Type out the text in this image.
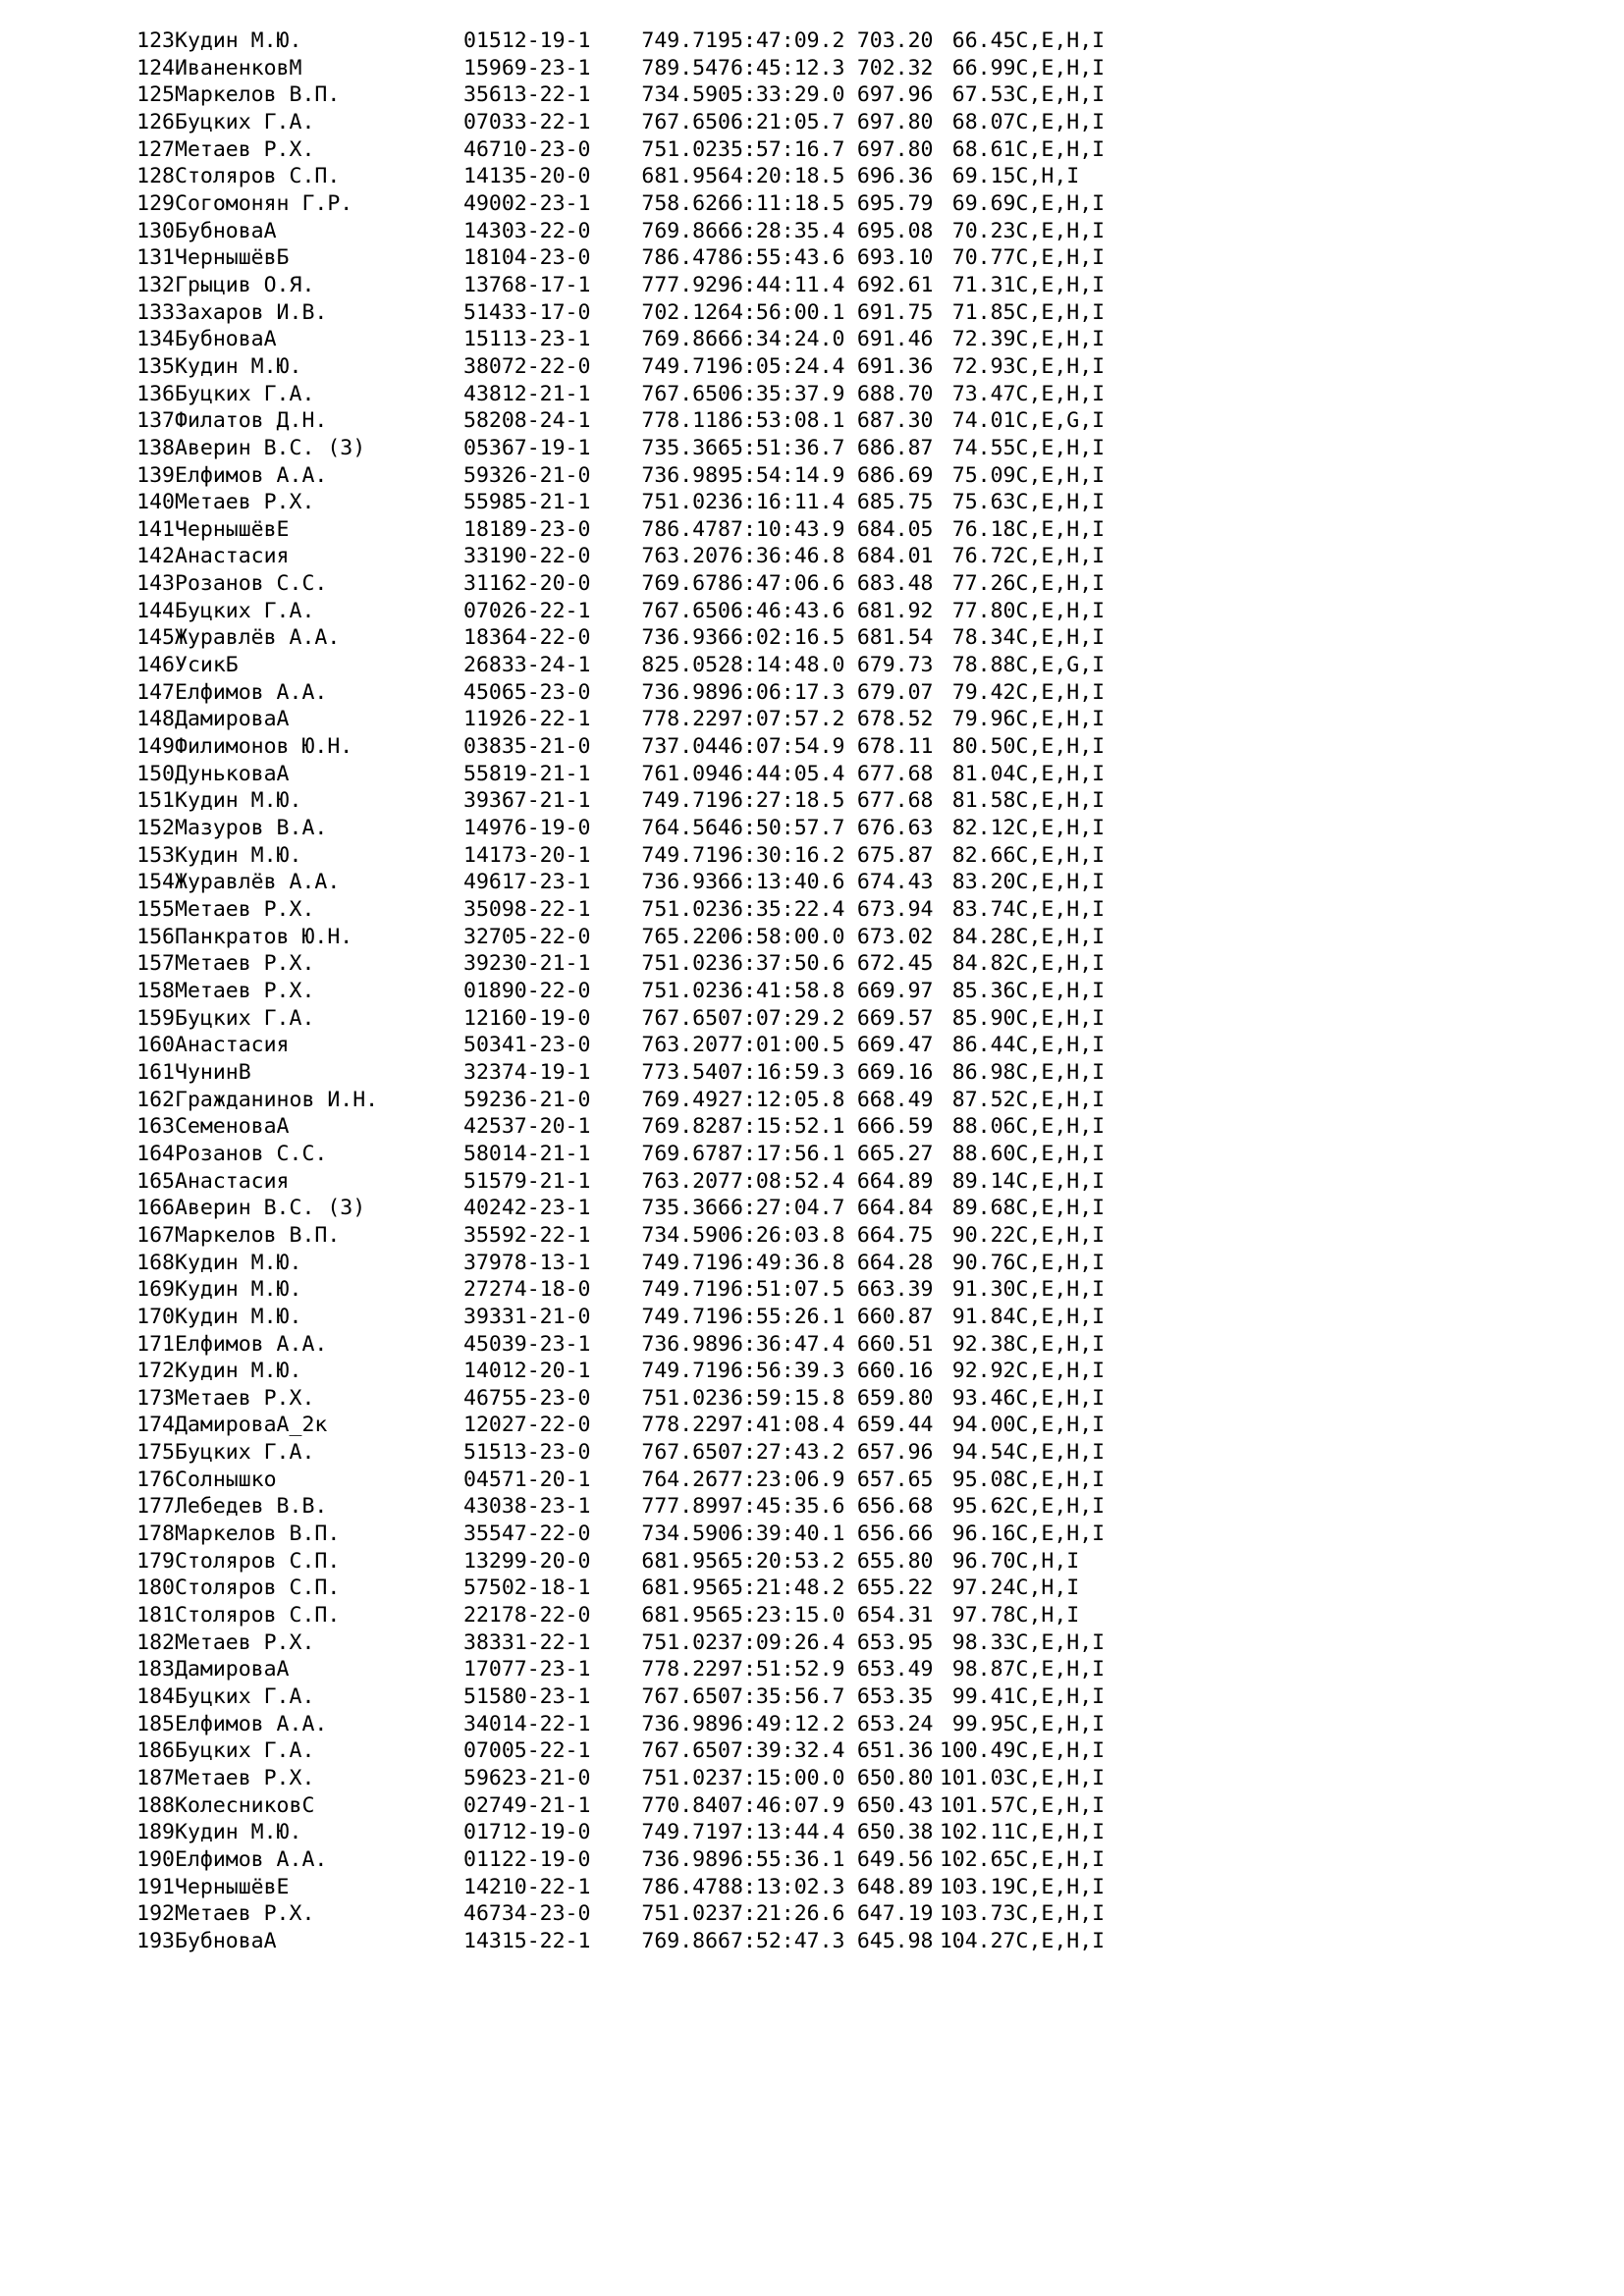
123	Кудин М.Ю.	01512-19-1	749.719	5:47:09.2	703.20	66.45	C,E,H,I
124	ИваненковМ	15969-23-1	789.547	6:45:12.3	702.32	66.99	C,E,H,I
125	Маркелов В.П.	35613-22-1	734.590	5:33:29.0	697.96	67.53	C,E,H,I
126	Буцких Г.А.	07033-22-1	767.650	6:21:05.7	697.80	68.07	C,E,H,I
127	Метаев Р.Х.	46710-23-0	751.023	5:57:16.7	697.80	68.61	C,E,H,I
128	Столяров С.П.	14135-20-0	681.956	4:20:18.5	696.36	69.15	C,H,I
129	Согомонян Г.Р.	49002-23-1	758.626	6:11:18.5	695.79	69.69	C,E,H,I
130	БубноваА	14303-22-0	769.866	6:28:35.4	695.08	70.23	C,E,H,I
131	ЧернышёвБ	18104-23-0	786.478	6:55:43.6	693.10	70.77	C,E,H,I
132	Грыцив О.Я.	13768-17-1	777.929	6:44:11.4	692.61	71.31	C,E,H,I
133	Захаров И.В.	51433-17-0	702.126	4:56:00.1	691.75	71.85	C,E,H,I
134	БубноваА	15113-23-1	769.866	6:34:24.0	691.46	72.39	C,E,H,I
135	Кудин М.Ю.	38072-22-0	749.719	6:05:24.4	691.36	72.93	C,E,H,I
136	Буцких Г.А.	43812-21-1	767.650	6:35:37.9	688.70	73.47	C,E,H,I
137	Филатов Д.Н.	58208-24-1	778.118	6:53:08.1	687.30	74.01	C,E,G,I
138	Аверин В.С. (З)	05367-19-1	735.366	5:51:36.7	686.87	74.55	C,E,H,I
139	Елфимов А.А.	59326-21-0	736.989	5:54:14.9	686.69	75.09	C,E,H,I
140	Метаев Р.Х.	55985-21-1	751.023	6:16:11.4	685.75	75.63	C,E,H,I
141	ЧернышёвЕ	18189-23-0	786.478	7:10:43.9	684.05	76.18	C,E,H,I
142	Анастасия	33190-22-0	763.207	6:36:46.8	684.01	76.72	C,E,H,I
143	Розанов С.С.	31162-20-0	769.678	6:47:06.6	683.48	77.26	C,E,H,I
144	Буцких Г.А.	07026-22-1	767.650	6:46:43.6	681.92	77.80	C,E,H,I
145	Журавлёв А.А.	18364-22-0	736.936	6:02:16.5	681.54	78.34	C,E,H,I
146	УсикБ	26833-24-1	825.052	8:14:48.0	679.73	78.88	C,E,G,I
147	Елфимов А.А.	45065-23-0	736.989	6:06:17.3	679.07	79.42	C,E,H,I
148	ДамироваА	11926-22-1	778.229	7:07:57.2	678.52	79.96	C,E,H,I
149	Филимонов Ю.Н.	03835-21-0	737.044	6:07:54.9	678.11	80.50	C,E,H,I
150	ДуньковаА	55819-21-1	761.094	6:44:05.4	677.68	81.04	C,E,H,I
151	Кудин М.Ю.	39367-21-1	749.719	6:27:18.5	677.68	81.58	C,E,H,I
152	Мазуров В.А.	14976-19-0	764.564	6:50:57.7	676.63	82.12	C,E,H,I
153	Кудин М.Ю.	14173-20-1	749.719	6:30:16.2	675.87	82.66	C,E,H,I
154	Журавлёв А.А.	49617-23-1	736.936	6:13:40.6	674.43	83.20	C,E,H,I
155	Метаев Р.Х.	35098-22-1	751.023	6:35:22.4	673.94	83.74	C,E,H,I
156	Панкратов Ю.Н.	32705-22-0	765.220	6:58:00.0	673.02	84.28	C,E,H,I
157	Метаев Р.Х.	39230-21-1	751.023	6:37:50.6	672.45	84.82	C,E,H,I
158	Метаев Р.Х.	01890-22-0	751.023	6:41:58.8	669.97	85.36	C,E,H,I
159	Буцких Г.А.	12160-19-0	767.650	7:07:29.2	669.57	85.90	C,E,H,I
160	Анастасия	50341-23-0	763.207	7:01:00.5	669.47	86.44	C,E,H,I
161	ЧунинВ	32374-19-1	773.540	7:16:59.3	669.16	86.98	C,E,H,I
162	Гражданинов И.Н.	59236-21-0	769.492	7:12:05.8	668.49	87.52	C,E,H,I
163	СеменоваА	42537-20-1	769.828	7:15:52.1	666.59	88.06	C,E,H,I
164	Розанов С.С.	58014-21-1	769.678	7:17:56.1	665.27	88.60	C,E,H,I
165	Анастасия	51579-21-1	763.207	7:08:52.4	664.89	89.14	C,E,H,I
166	Аверин В.С. (З)	40242-23-1	735.366	6:27:04.7	664.84	89.68	C,E,H,I
167	Маркелов В.П.	35592-22-1	734.590	6:26:03.8	664.75	90.22	C,E,H,I
168	Кудин М.Ю.	37978-13-1	749.719	6:49:36.8	664.28	90.76	C,E,H,I
169	Кудин М.Ю.	27274-18-0	749.719	6:51:07.5	663.39	91.30	C,E,H,I
170	Кудин М.Ю.	39331-21-0	749.719	6:55:26.1	660.87	91.84	C,E,H,I
171	Елфимов А.А.	45039-23-1	736.989	6:36:47.4	660.51	92.38	C,E,H,I
172	Кудин М.Ю.	14012-20-1	749.719	6:56:39.3	660.16	92.92	C,E,H,I
173	Метаев Р.Х.	46755-23-0	751.023	6:59:15.8	659.80	93.46	C,E,H,I
174	ДамироваА_2к	12027-22-0	778.229	7:41:08.4	659.44	94.00	C,E,H,I
175	Буцких Г.А.	51513-23-0	767.650	7:27:43.2	657.96	94.54	C,E,H,I
176	Солнышко	04571-20-1	764.267	7:23:06.9	657.65	95.08	C,E,H,I
177	Лебедев В.В.	43038-23-1	777.899	7:45:35.6	656.68	95.62	C,E,H,I
178	Маркелов В.П.	35547-22-0	734.590	6:39:40.1	656.66	96.16	C,E,H,I
179	Столяров С.П.	13299-20-0	681.956	5:20:53.2	655.80	96.70	C,H,I
180	Столяров С.П.	57502-18-1	681.956	5:21:48.2	655.22	97.24	C,H,I
181	Столяров С.П.	22178-22-0	681.956	5:23:15.0	654.31	97.78	C,H,I
182	Метаев Р.Х.	38331-22-1	751.023	7:09:26.4	653.95	98.33	C,E,H,I
183	ДамироваА	17077-23-1	778.229	7:51:52.9	653.49	98.87	C,E,H,I
184	Буцких Г.А.	51580-23-1	767.650	7:35:56.7	653.35	99.41	C,E,H,I
185	Елфимов А.А.	34014-22-1	736.989	6:49:12.2	653.24	99.95	C,E,H,I
186	Буцких Г.А.	07005-22-1	767.650	7:39:32.4	651.36	100.49	C,E,H,I
187	Метаев Р.Х.	59623-21-0	751.023	7:15:00.0	650.80	101.03	C,E,H,I
188	КолесниковС	02749-21-1	770.840	7:46:07.9	650.43	101.57	C,E,H,I
189	Кудин М.Ю.	01712-19-0	749.719	7:13:44.4	650.38	102.11	C,E,H,I
190	Елфимов А.А.	01122-19-0	736.989	6:55:36.1	649.56	102.65	C,E,H,I
191	ЧернышёвЕ	14210-22-1	786.478	8:13:02.3	648.89	103.19	C,E,H,I
192	Метаев Р.Х.	46734-23-0	751.023	7:21:26.6	647.19	103.73	C,E,H,I
193	БубноваА	14315-22-1	769.866	7:52:47.3	645.98	104.27	C,E,H,I
